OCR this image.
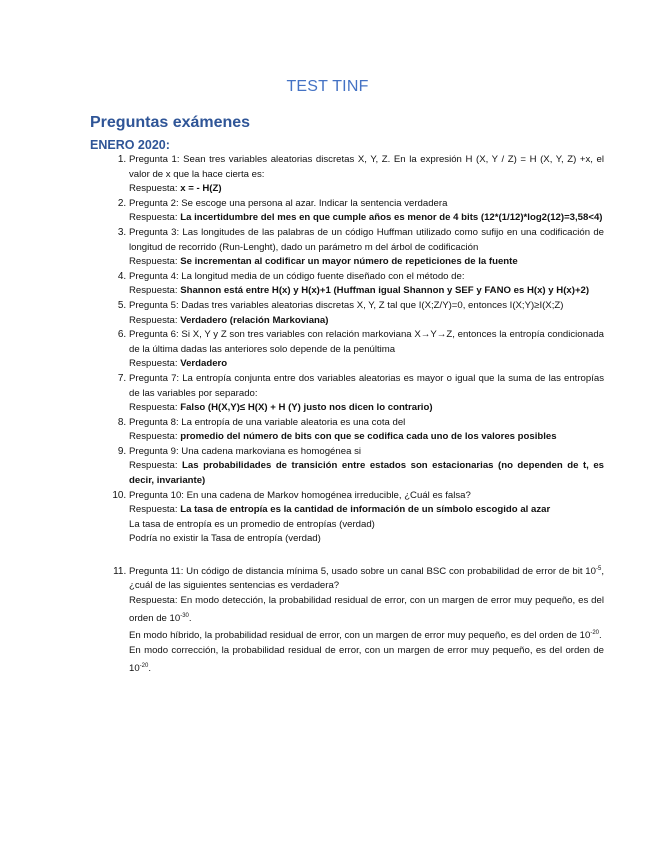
TEST TINF
Preguntas exámenes
ENERO 2020:
1. Pregunta 1: Sean tres variables aleatorias discretas X, Y, Z. En la expresión H (X, Y / Z) = H (X, Y, Z) +x, el valor de x que la hace cierta es:
Respuesta: x = - H(Z)
2. Pregunta 2: Se escoge una persona al azar. Indicar la sentencia verdadera
Respuesta: La incertidumbre del mes en que cumple años es menor de 4 bits (12*(1/12)*log2(12)=3,58<4)
3. Pregunta 3: Las longitudes de las palabras de un código Huffman utilizado como sufijo en una codificación de longitud de recorrido (Run-Lenght), dado un parámetro m del árbol de codificación
Respuesta: Se incrementan al codificar un mayor número de repeticiones de la fuente
4. Pregunta 4: La longitud media de un código fuente diseñado con el método de:
Respuesta: Shannon está entre H(x) y H(x)+1 (Huffman igual Shannon y SEF y FANO es H(x) y H(x)+2)
5. Pregunta 5: Dadas tres variables aleatorias discretas X, Y, Z tal que I(X;Z/Y)=0, entonces I(X;Y)≥I(X;Z)
Respuesta: Verdadero (relación Markoviana)
6. Pregunta 6: Si X, Y y Z son tres variables con relación markoviana X→Y→Z, entonces la entropía condicionada de la última dadas las anteriores solo depende de la penúltima
Respuesta: Verdadero
7. Pregunta 7: La entropía conjunta entre dos variables aleatorias es mayor o igual que la suma de las entropías de las variables por separado:
Respuesta: Falso (H(X,Y)≤ H(X) + H (Y) justo nos dicen lo contrario)
8. Pregunta 8: La entropía de una variable aleatoria es una cota del
Respuesta: promedio del número de bits con que se codifica cada uno de los valores posibles
9. Pregunta 9: Una cadena markoviana es homogénea si
Respuesta: Las probabilidades de transición entre estados son estacionarias (no dependen de t, es decir, invariante)
10. Pregunta 10: En una cadena de Markov homogénea irreducible, ¿Cuál es falsa?
Respuesta: La tasa de entropía es la cantidad de información de un símbolo escogido al azar
La tasa de entropía es un promedio de entropías (verdad)
Podría no existir la Tasa de entropía (verdad)
11. Pregunta 11: Un código de distancia mínima 5, usado sobre un canal BSC con probabilidad de error de bit $10^{-5}$, ¿cuál de las siguientes sentencias es verdadera?
Respuesta: En modo detección, la probabilidad residual de error, con un margen de error muy pequeño, es del orden de $10^{-30}$.
En modo híbrido, la probabilidad residual de error, con un margen de error muy pequeño, es del orden de $10^{-20}$.
En modo corrección, la probabilidad residual de error, con un margen de error muy pequeño, es del orden de $10^{-20}$.
